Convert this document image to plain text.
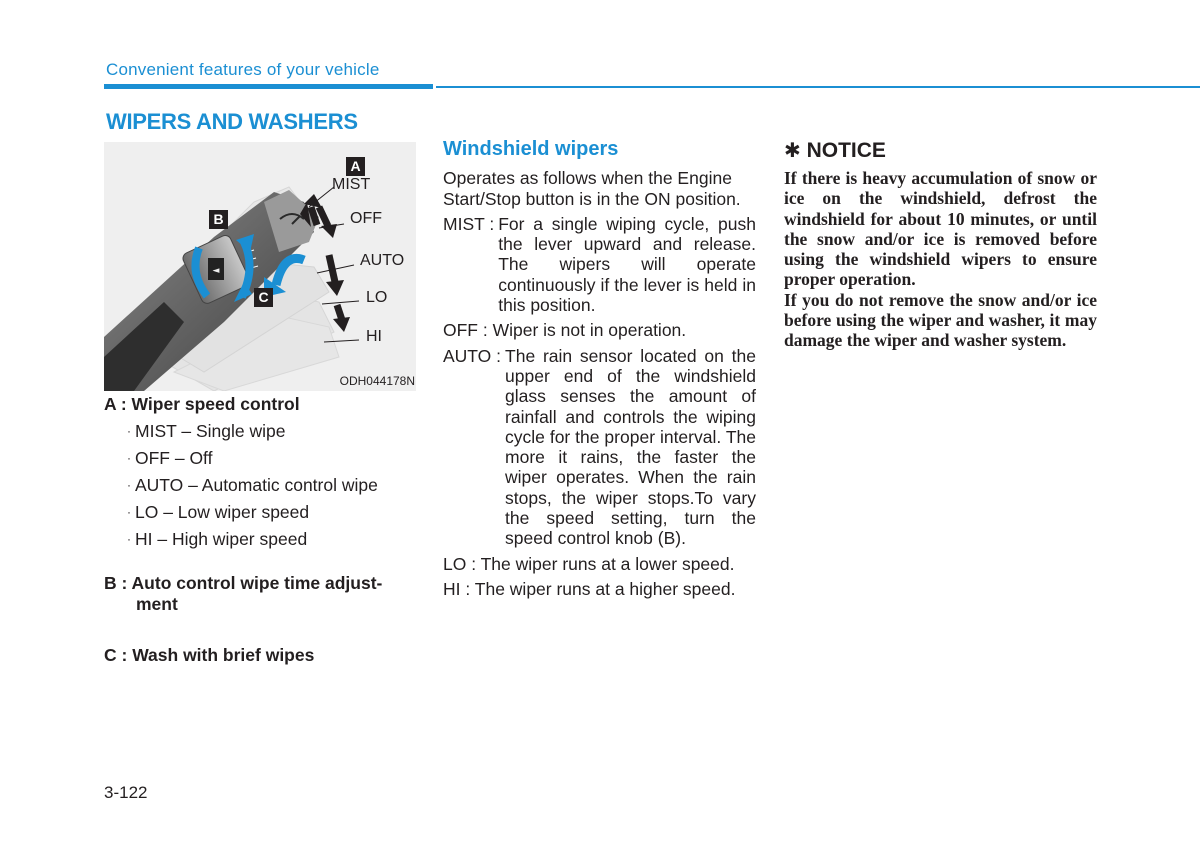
Convenient features of your vehicle
WIPERS AND WASHERS
◄
A
B
C
MIST
OFF
AUTO
LO
HI
ODH044178N
A : Wiper speed control
· MIST – Single wipe
· OFF – Off
· AUTO – Automatic control wipe
· LO – Low wiper speed
· HI – High wiper speed
B : Auto control wipe time adjust-
ment
C : Wash with brief wipes
Windshield wipers

Operates as follows when the Engine Start/Stop button is in the ON position.

MIST : For a single wiping cycle, push the lever upward and release. The wipers will operate continuously if the lever is held in this position.

OFF : Wiper is not in operation.

AUTO : The rain sensor located on the upper end of the windshield glass senses the amount of rainfall and controls the wiping cycle for the proper interval. The more it rains, the faster the wiper operates. When the rain stops, the wiper stops.To vary the speed setting, turn the speed control knob (B).

LO : The wiper runs at a lower speed.

HI : The wiper runs at a higher speed.

✱ NOTICE

If there is heavy accumulation of snow or ice on the windshield, defrost the windshield for about 10 minutes, or until the snow and/or ice is removed before using the windshield wipers to ensure proper operation.

If you do not remove the snow and/or ice before using the wiper and washer, it may damage the wiper and washer system.

3-122
